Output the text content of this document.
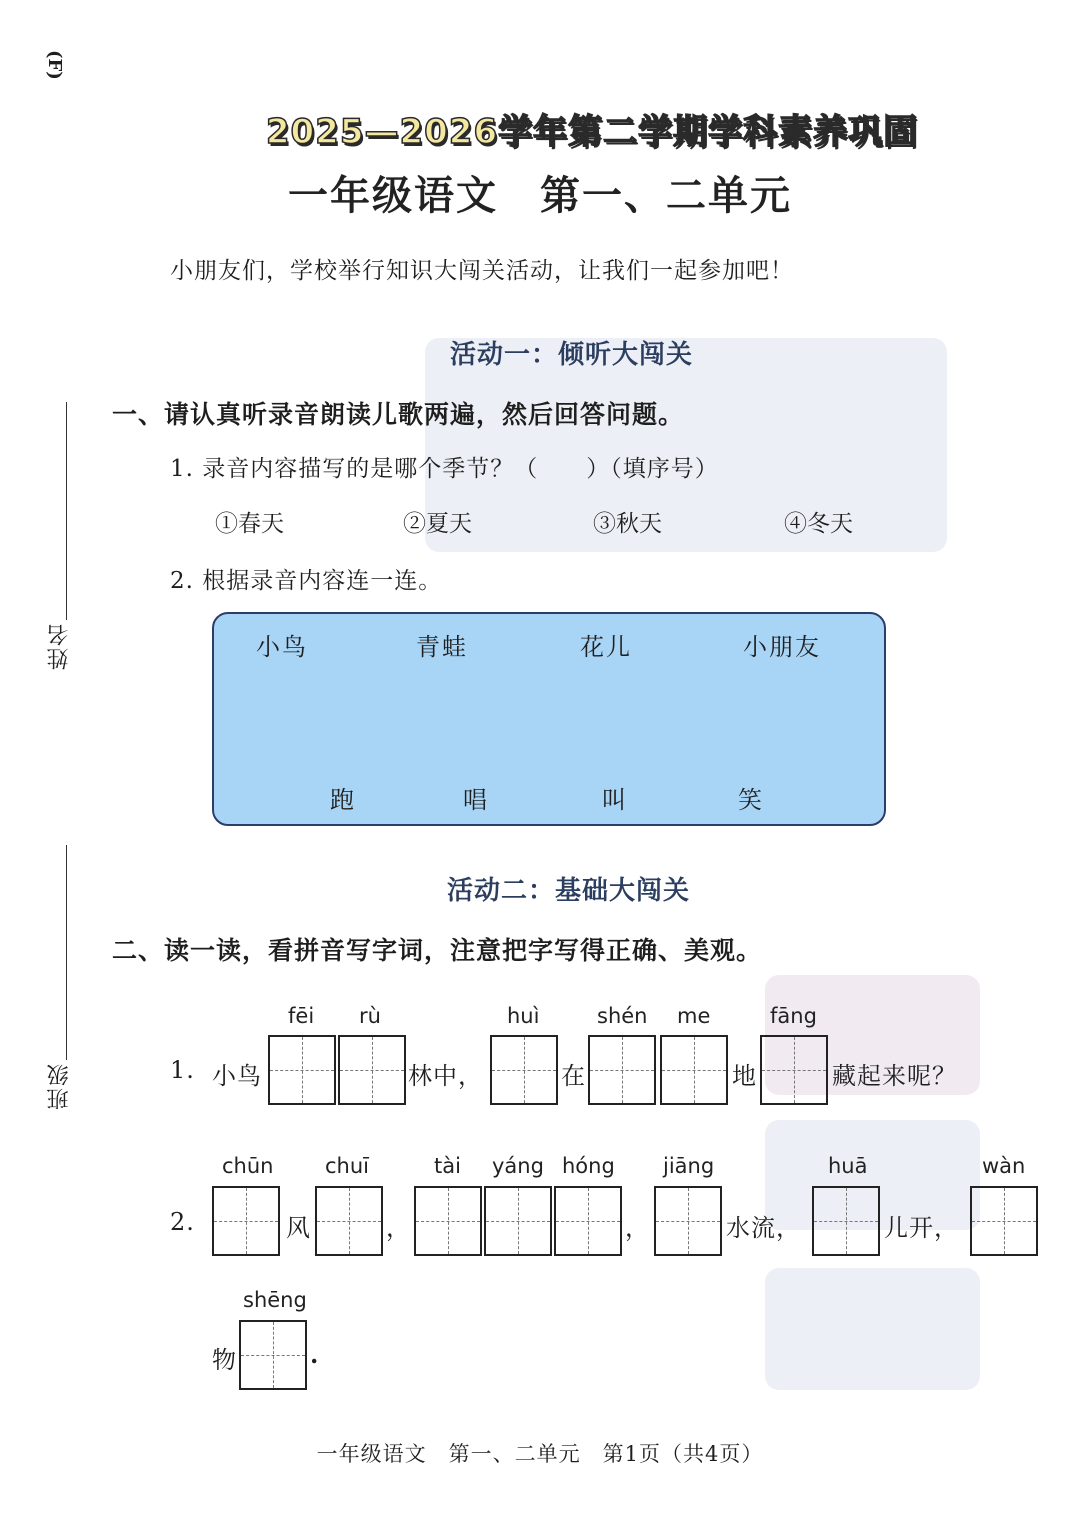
(F)
姓名
班级
2025—2026学年第二学期学科素养巩固
一年级语文　第一、二单元
小朋友们，学校举行知识大闯关活动，让我们一起参加吧！
活动一：倾听大闯关
一、请认真听录音朗读儿歌两遍，然后回答问题。
1. 录音内容描写的是哪个季节？（　　）（填序号）
①春天	②夏天	③秋天	④冬天
2. 根据录音内容连一连。
小鸟	青蛙	花儿	小朋友
跑	唱	叫	笑
活动二：基础大闯关
二、读一读，看拼音写字词，注意把字写得正确、美观。
1. 小鸟
fēi rù
林中，
huì
在
shén me
地
fāng
藏起来呢？
2.
chūn
风
chuī
，
tài yáng hóng
，
jiāng
水流，
huā
儿开，
wàn
shēng
物	.
一年级语文　第一、二单元　第1页（共4页）
